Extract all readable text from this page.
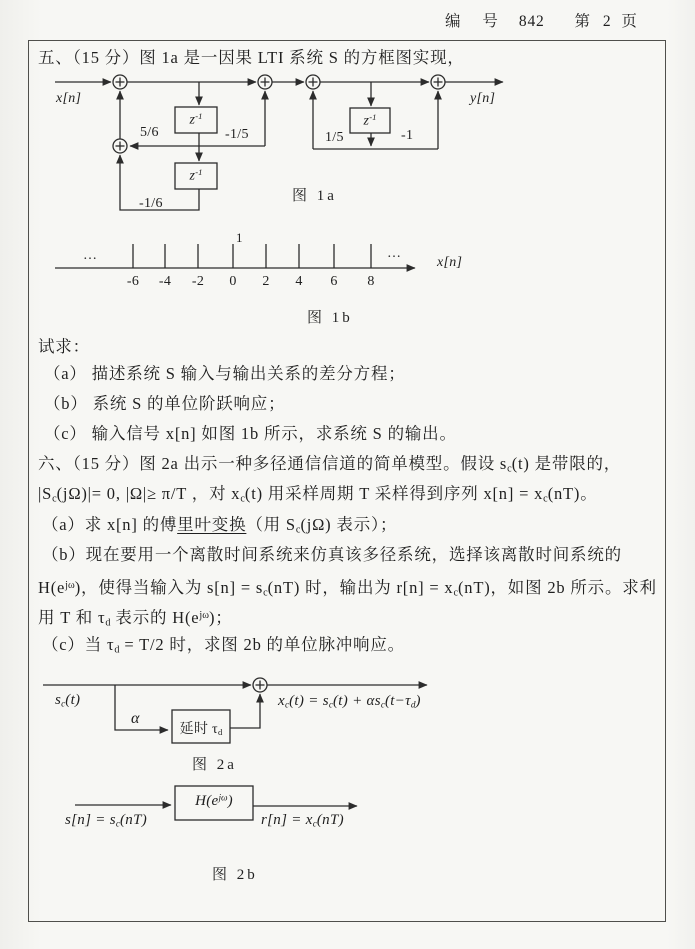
编 号 842 第 2 页
五、（15 分）图 1a 是一因果 LTI 系统 S 的方框图实现，
x[n]	y[n]
$z^{-1}$
$z^{-1}$
$z^{-1}$
5/6	-1/5
-1/6
1/5	-1
图 1a
1
…	…
x[n]
-6	-4	-2	0	2	4	6	8
图 1b
试求：
（a） 描述系统 S 输入与输出关系的差分方程；
（b） 系统 S 的单位阶跃响应；
（c） 输入信号 x[n] 如图 1b 所示，求系统 S 的输出。
六、（15 分）图 2a 出示一种多径通信信道的简单模型。假设 $s_c(t)$ 是带限的，
$|S_c(j\Omega)|= 0$, |Ω|≥ π/T ，对 $x_c(t)$ 用采样周期 T 采样得到序列 $x[n] = x_c(nT)$。
（a）求 x[n] 的傅里叶变换（用 $S_c(j\Omega)$ 表示）；
（b）现在要用一个离散时间系统来仿真该多径系统，选择该离散时间系统的
$H(e^{j\omega})$，使得当输入为 $s[n] = s_c(nT)$ 时，输出为 $r[n] = x_c(nT)$，如图 2b 所示。求利
用 T 和 $\tau_d$ 表示的 $H(e^{j\omega})$；
（c）当 $\tau_d = T/2$ 时，求图 2b 的单位脉冲响应。
$s_c(t)$
α
延时 $\tau_d$
$x_c(t) = s_c(t) + \alpha s_c(t-\tau_d)$
图 2a
$H(e^{j\omega})$
$s[n] = s_c(nT)$	$r[n] = x_c(nT)$
图 2b
